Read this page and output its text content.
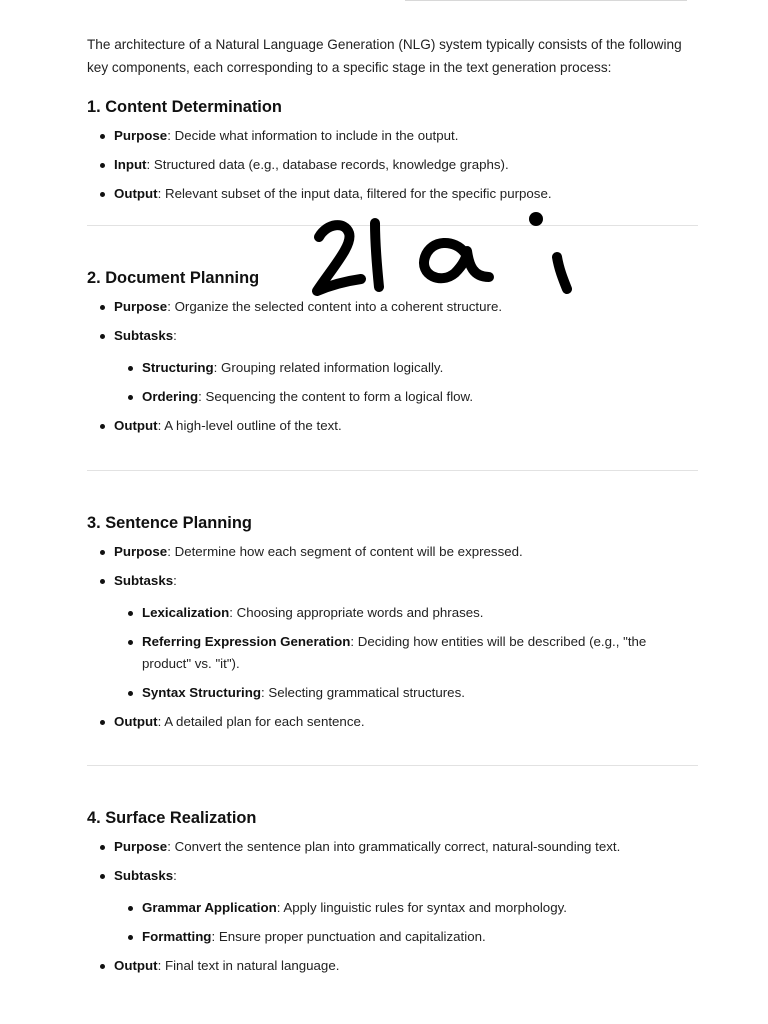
The architecture of a Natural Language Generation (NLG) system typically consists of the following key components, each corresponding to a specific stage in the text generation process:

1. Content Determination
Purpose: Decide what information to include in the output.
Input: Structured data (e.g., database records, knowledge graphs).
Output: Relevant subset of the input data, filtered for the specific purpose.
2. Document Planning
Purpose: Organize the selected content into a coherent structure.
Subtasks:
Structuring: Grouping related information logically.
Ordering: Sequencing the content to form a logical flow.
Output: A high-level outline of the text.
3. Sentence Planning
Purpose: Determine how each segment of content will be expressed.
Subtasks:
Lexicalization: Choosing appropriate words and phrases.
Referring Expression Generation: Deciding how entities will be described (e.g., "the product" vs. "it").
Syntax Structuring: Selecting grammatical structures.
Output: A detailed plan for each sentence.
4. Surface Realization
Purpose: Convert the sentence plan into grammatically correct, natural-sounding text.
Subtasks:
Grammar Application: Apply linguistic rules for syntax and morphology.
Formatting: Ensure proper punctuation and capitalization.
Output: Final text in natural language.
